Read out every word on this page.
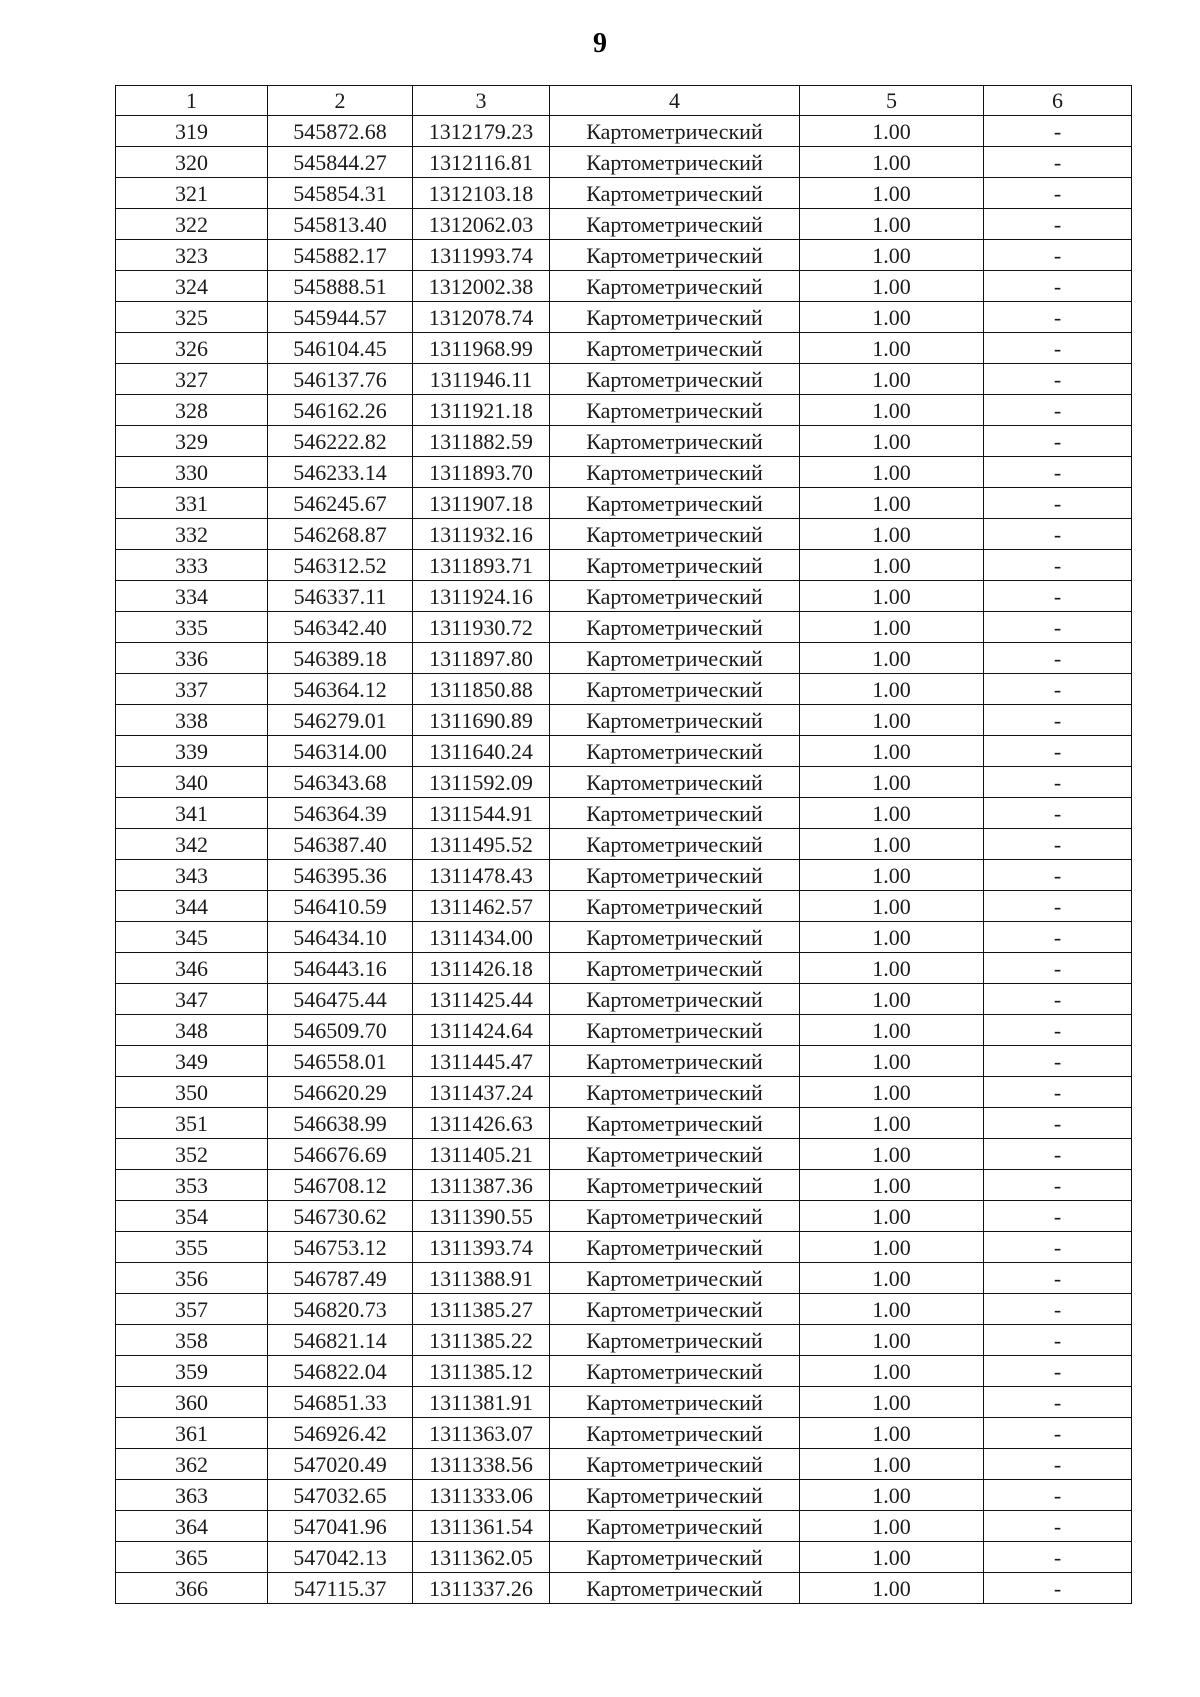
9
1	2	3	4	5	6
319	545872.68	1312179.23	Картометрический	1.00	-
320	545844.27	1312116.81	Картометрический	1.00	-
321	545854.31	1312103.18	Картометрический	1.00	-
322	545813.40	1312062.03	Картометрический	1.00	-
323	545882.17	1311993.74	Картометрический	1.00	-
324	545888.51	1312002.38	Картометрический	1.00	-
325	545944.57	1312078.74	Картометрический	1.00	-
326	546104.45	1311968.99	Картометрический	1.00	-
327	546137.76	1311946.11	Картометрический	1.00	-
328	546162.26	1311921.18	Картометрический	1.00	-
329	546222.82	1311882.59	Картометрический	1.00	-
330	546233.14	1311893.70	Картометрический	1.00	-
331	546245.67	1311907.18	Картометрический	1.00	-
332	546268.87	1311932.16	Картометрический	1.00	-
333	546312.52	1311893.71	Картометрический	1.00	-
334	546337.11	1311924.16	Картометрический	1.00	-
335	546342.40	1311930.72	Картометрический	1.00	-
336	546389.18	1311897.80	Картометрический	1.00	-
337	546364.12	1311850.88	Картометрический	1.00	-
338	546279.01	1311690.89	Картометрический	1.00	-
339	546314.00	1311640.24	Картометрический	1.00	-
340	546343.68	1311592.09	Картометрический	1.00	-
341	546364.39	1311544.91	Картометрический	1.00	-
342	546387.40	1311495.52	Картометрический	1.00	-
343	546395.36	1311478.43	Картометрический	1.00	-
344	546410.59	1311462.57	Картометрический	1.00	-
345	546434.10	1311434.00	Картометрический	1.00	-
346	546443.16	1311426.18	Картометрический	1.00	-
347	546475.44	1311425.44	Картометрический	1.00	-
348	546509.70	1311424.64	Картометрический	1.00	-
349	546558.01	1311445.47	Картометрический	1.00	-
350	546620.29	1311437.24	Картометрический	1.00	-
351	546638.99	1311426.63	Картометрический	1.00	-
352	546676.69	1311405.21	Картометрический	1.00	-
353	546708.12	1311387.36	Картометрический	1.00	-
354	546730.62	1311390.55	Картометрический	1.00	-
355	546753.12	1311393.74	Картометрический	1.00	-
356	546787.49	1311388.91	Картометрический	1.00	-
357	546820.73	1311385.27	Картометрический	1.00	-
358	546821.14	1311385.22	Картометрический	1.00	-
359	546822.04	1311385.12	Картометрический	1.00	-
360	546851.33	1311381.91	Картометрический	1.00	-
361	546926.42	1311363.07	Картометрический	1.00	-
362	547020.49	1311338.56	Картометрический	1.00	-
363	547032.65	1311333.06	Картометрический	1.00	-
364	547041.96	1311361.54	Картометрический	1.00	-
365	547042.13	1311362.05	Картометрический	1.00	-
366	547115.37	1311337.26	Картометрический	1.00	-
